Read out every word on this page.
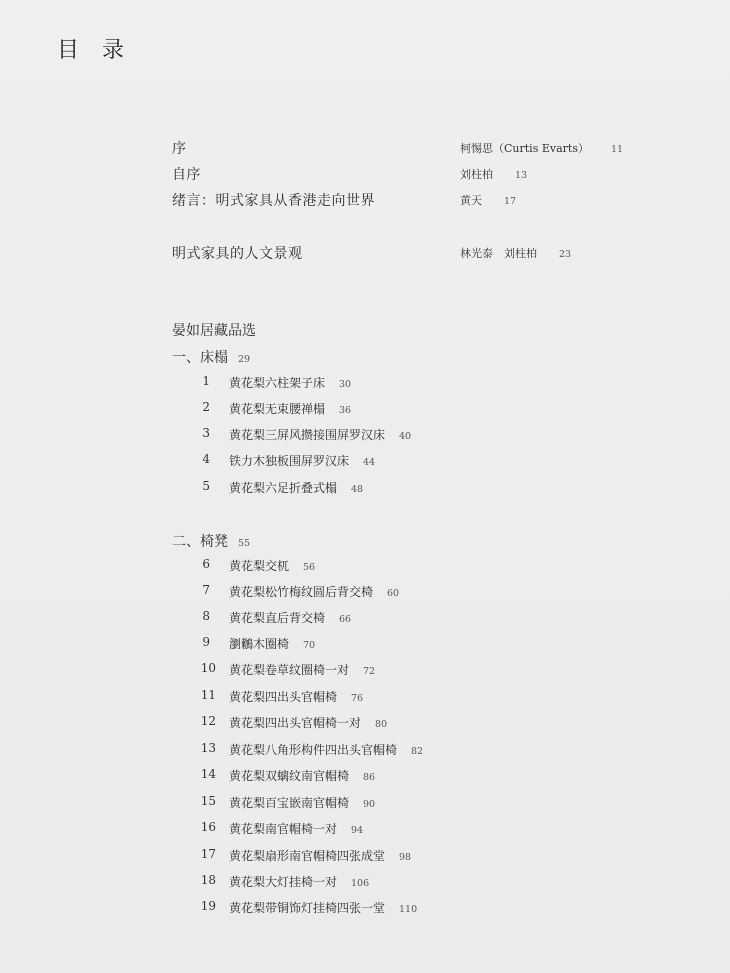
目 录
序	柯惕思（Curtis Evarts） 11
自序	刘柱柏 13
绪言：明式家具从香港走向世界	黄天 17
明式家具的人文景观	林光泰　刘柱柏 23
晏如居藏品选
一、床榻 29
1 黄花梨六柱架子床 30
2 黄花梨无束腰禅榻 36
3 黄花梨三屏风攒接围屏罗汉床 40
4 铁力木独板围屏罗汉床 44
5 黄花梨六足折叠式榻 48
二、椅凳 55
6 黄花梨交杌 56
7 黄花梨松竹梅纹圆后背交椅 60
8 黄花梨直后背交椅 66
9 瀏鶒木圈椅 70
10 黄花梨卷草纹圈椅一对 72
11 黄花梨四出头官帽椅 76
12 黄花梨四出头官帽椅一对 80
13 黄花梨八角形构件四出头官帽椅 82
14 黄花梨双螭纹南官帽椅 86
15 黄花梨百宝嵌南官帽椅 90
16 黄花梨南官帽椅一对 94
17 黄花梨扇形南官帽椅四张成堂 98
18 黄花梨大灯挂椅一对 106
19 黄花梨带铜饰灯挂椅四张一堂 110
